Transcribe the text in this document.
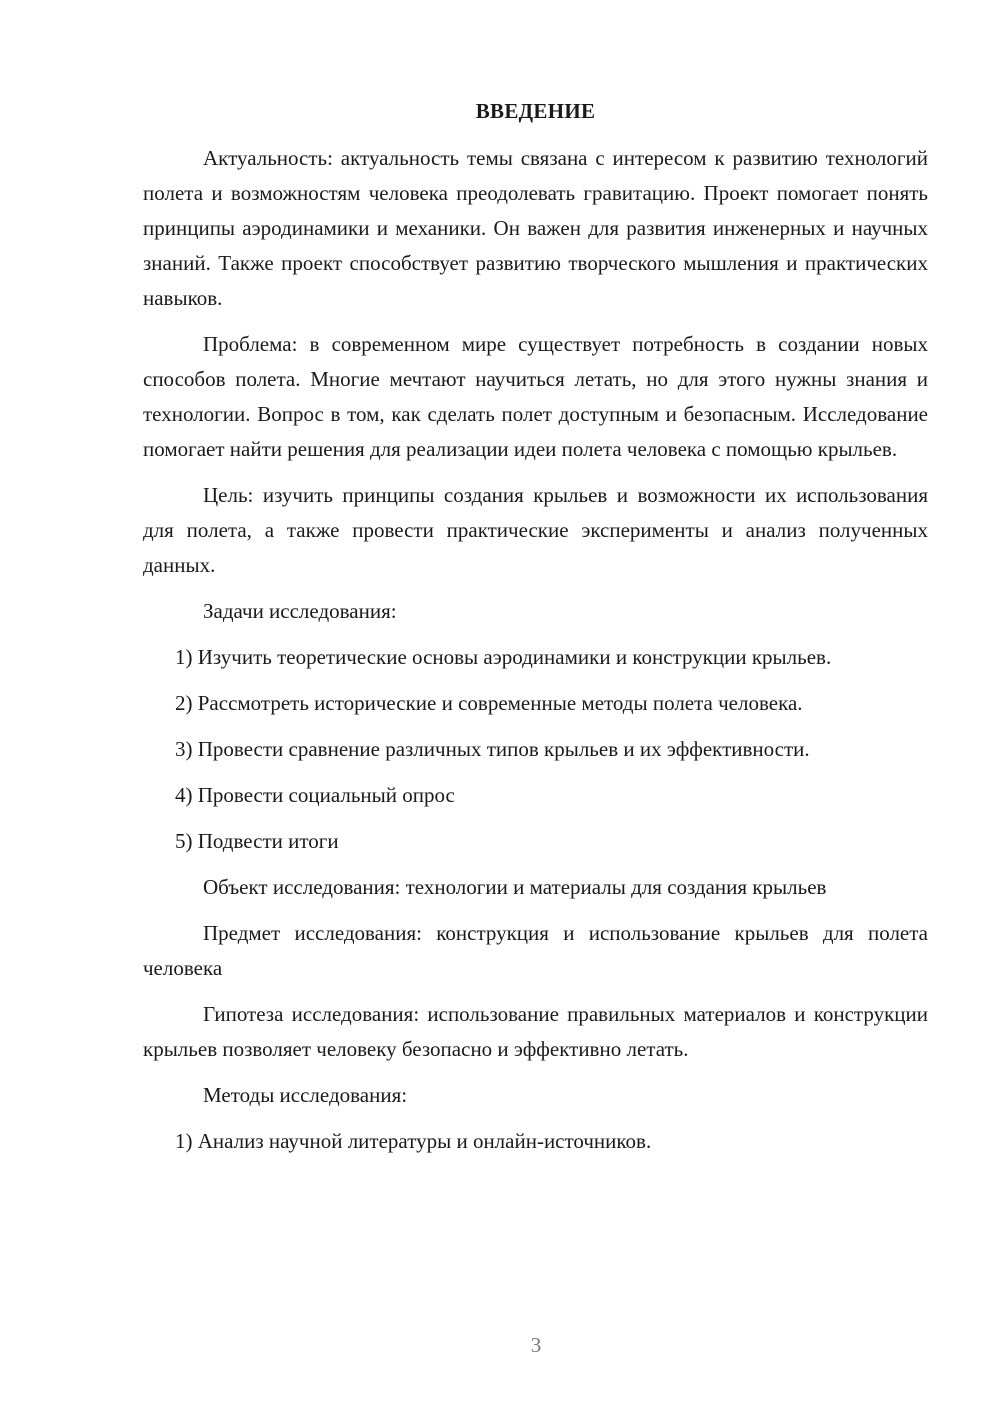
ВВЕДЕНИЕ
Актуальность: актуальность темы связана с интересом к развитию технологий полета и возможностям человека преодолевать гравитацию. Проект помогает понять принципы аэродинамики и механики. Он важен для развития инженерных и научных знаний. Также проект способствует развитию творческого мышления и практических навыков.
Проблема: в современном мире существует потребность в создании новых способов полета. Многие мечтают научиться летать, но для этого нужны знания и технологии. Вопрос в том, как сделать полет доступным и безопасным. Исследование помогает найти решения для реализации идеи полета человека с помощью крыльев.
Цель: изучить принципы создания крыльев и возможности их использования для полета, а также провести практические эксперименты и анализ полученных данных.
Задачи исследования:
1) Изучить теоретические основы аэродинамики и конструкции крыльев.
2) Рассмотреть исторические и современные методы полета человека.
3) Провести сравнение различных типов крыльев и их эффективности.
4) Провести социальный опрос
5) Подвести итоги
Объект исследования: технологии и материалы для создания крыльев
Предмет исследования: конструкция и использование крыльев для полета человека
Гипотеза исследования: использование правильных материалов и конструкции крыльев позволяет человеку безопасно и эффективно летать.
Методы исследования:
1) Анализ научной литературы и онлайн-источников.
3
